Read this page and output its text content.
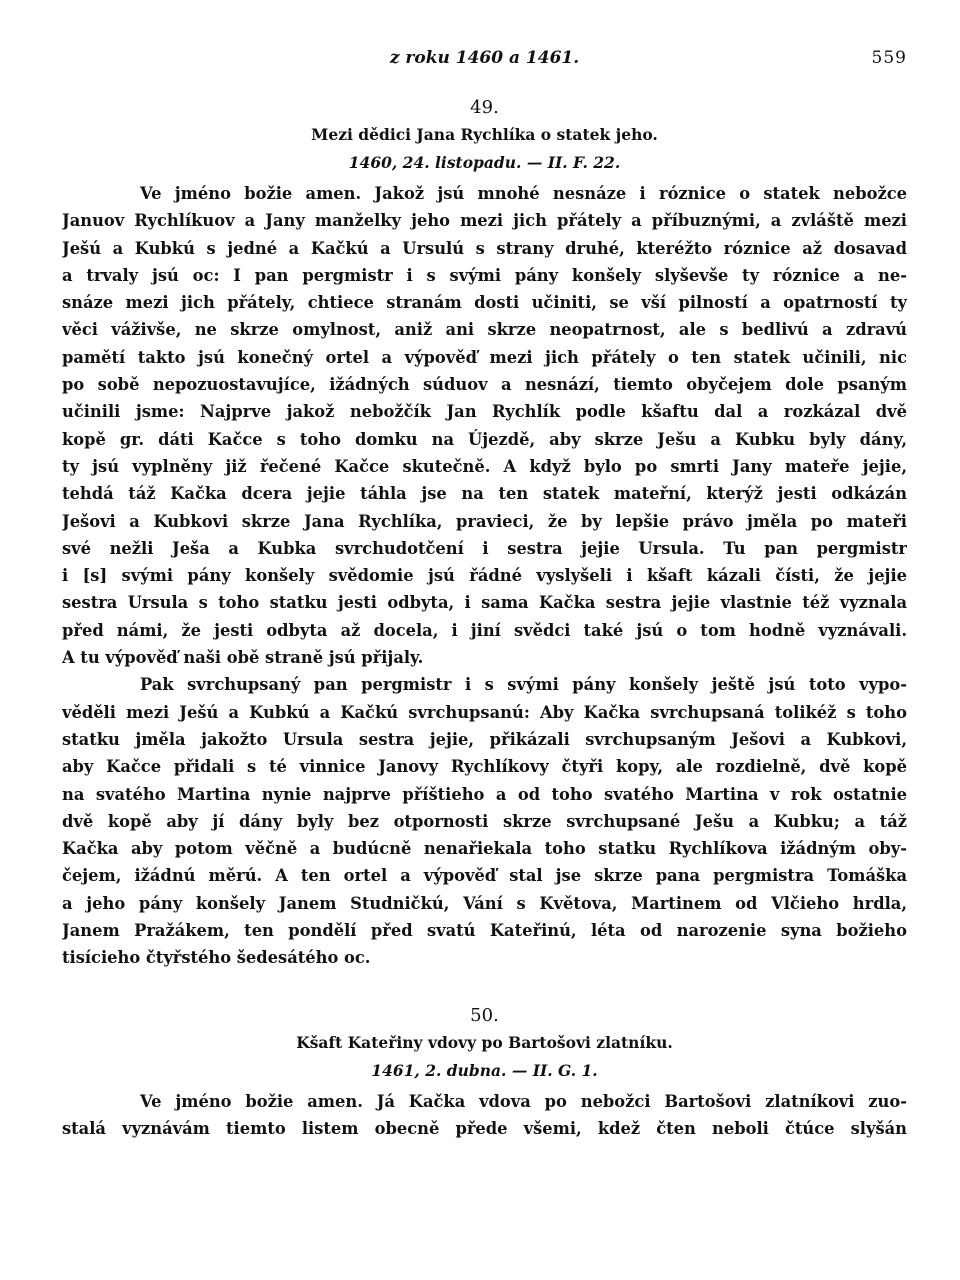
z roku 1460 a 1461.	559
49.
Mezi dědici Jana Rychlíka o statek jeho.
1460, 24. listopadu. — II. F. 22.
Ve jméno božie amen. Jakož jsú mnohé nesnáze i róznice o statek nebožce
Januov Rychlíkuov a Jany manželky jeho mezi jich přátely a příbuznými, a zvláště mezi
Ješú a Kubkú s jedné a Kačkú a Ursulú s strany druhé, kteréžto róznice až dosavad
a trvaly jsú oc: I pan pergmistr i s svými pány konšely slyševše ty róznice a ne-
snáze mezi jich přátely, chtiece stranám dosti učiniti, se vší pilností a opatrností ty
věci váživše, ne skrze omylnost, aniž ani skrze neopatrnost, ale s bedlivú a zdravú
pamětí takto jsú konečný ortel a výpověď mezi jich přátely o ten statek učinili, nic
po sobě nepozuostavujíce, ižádných súduov a nesnází, tiemto obyčejem dole psaným
učinili jsme: Najprve jakož nebožčík Jan Rychlík podle kšaftu dal a rozkázal dvě
kopě gr. dáti Kačce s toho domku na Újezdě, aby skrze Ješu a Kubku byly dány,
ty jsú vyplněny již řečené Kačce skutečně. A když bylo po smrti Jany mateře jejie,
tehdá táž Kačka dcera jejie táhla jse na ten statek mateřní, kterýž jesti odkázán
Ješovi a Kubkovi skrze Jana Rychlíka, pravieci, že by lepšie právo jměla po mateři
své nežli Ješa a Kubka svrchudotčení i sestra jejie Ursula. Tu pan pergmistr
i [s] svými pány konšely svědomie jsú řádné vyslyšeli i kšaft kázali čísti, že jejie
sestra Ursula s toho statku jesti odbyta, i sama Kačka sestra jejie vlastnie též vyznala
před námi, že jesti odbyta až docela, i jiní svědci také jsú o tom hodně vyznávali.
A tu výpověď naši obě straně jsú přijaly.
Pak svrchupsaný pan pergmistr i s svými pány konšely ještě jsú toto vypo-
věděli mezi Ješú a Kubkú a Kačkú svrchupsanú: Aby Kačka svrchupsaná tolikéž s toho
statku jměla jakožto Ursula sestra jejie, přikázali svrchupsaným Ješovi a Kubkovi,
aby Kačce přidali s té vinnice Janovy Rychlíkovy čtyři kopy, ale rozdielně, dvě kopě
na svatého Martina nynie najprve příštieho a od toho svatého Martina v rok ostatnie
dvě kopě aby jí dány byly bez otpornosti skrze svrchupsané Ješu a Kubku; a táž
Kačka aby potom věčně a budúcně nenařiekala toho statku Rychlíkova ižádným oby-
čejem, ižádnú měrú. A ten ortel a výpověď stal jse skrze pana pergmistra Tomáška
a jeho pány konšely Janem Studničkú, Vání s Květova, Martinem od Vlčieho hrdla,
Janem Pražákem, ten pondělí před svatú Kateřinú, léta od narozenie syna božieho
tisícieho čtyřstého šedesátého oc.
50.
Kšaft Kateřiny vdovy po Bartošovi zlatníku.
1461, 2. dubna. — II. G. 1.
Ve jméno božie amen. Já Kačka vdova po nebožci Bartošovi zlatníkovi zuo-
stalá vyznávám tiemto listem obecně přede všemi, kdež čten neboli čtúce slyšán
